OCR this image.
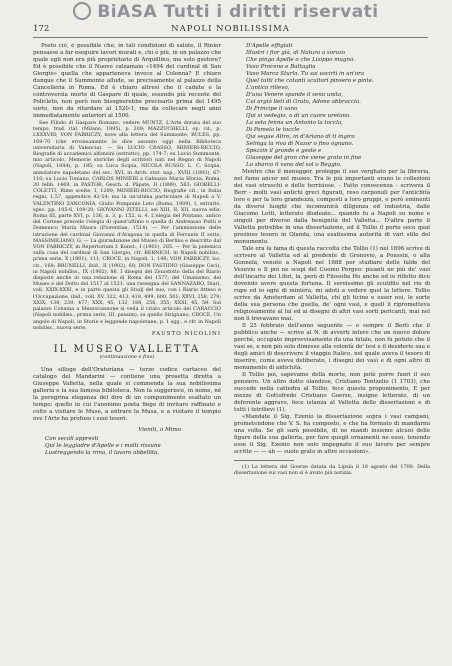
BiASA Tutti i diritti riservati
172	NAPOLI NOBILISSIMA

Posto ciò, è possibile che, in tali condizioni di salute, il Rinier pensasse a far eseguire lavori murali e, chi è più, in un palazzo che quale egli non era più proprietario di Arquillino, ma solo gestore? Ed è possibile che il Nuovo calzamaio «1494 del cardinal di San Giorgio» quella che apparteneva invece al Colonna? E chiaro dunque che il Summonte allude, se precisamente al palazzo della Cancelleria in Roma. Ed è chiaro altresì che il cadute e la controversia morte di Gaspare di quale, essendo più recente del Policleto, non però non bisognerebbe precisarlo prima del 1495 sorto, non da ritardare al 1520-1, ma da collocare negli anni immediatamente anteriori al 1500.

See Filodo di Gaspare Romano, vedere MUNTZ, L'Arte dorata del suo tempo, trad. ital. (Milano, 1895), p. 209; MAZZUCHELLI, op. cit., p. LXXXVIII; VON FABRICZY, nove alla lettera del Summonte, RULES, pp. 169-70 (che erroneamente lo dice assunto oggi nella Biblioteca universitaria di Valencia). — Su LUCIO CRASSO, MINIERI-RICCIO, Biografie di accademici alfonsini (estratto), pp. 174-7; su Lucio Summonte, mio articolo, Memorie storiche degli scrittori nati nel Regno di Napoli (Napoli, 1844), p. 185; su Luca Scipia, NICOLA RUSSO, L. C. Scipia, annotatore napoletano del sec. XVI, in Arch. stor. nap., XVIII (1893), 67-110; su Lucio Toniano, CARLOS MINIERI a Galeazzo Maria Sforza, Roma, 20 febb. 1469, in PASTOR, Gesch. d. Päpste, II (1889), 563; GIOBELLI-COLETTI, Rime scelte, I, 1290; MINIERI-RICCIO, Biografie cit., in Italia regni, 1,57, appendice 42-54; ma in un'ultima particolare di Napoli a V. VALENTINO ZANCONIA, Giulio Pomponio Leto (Roma, 1909), I, estratto, spec. pp. 105-6, 109-20; GIOVANNI ZITELLI, sei XIII, II, XII, nuova ediz. Roma III, parte XVI, p. 136, n. 3, p. 152, n. 4. L'elegia del Pontano, antico del Cortese precede l'elegia di quest'ultimo e quella di Andreasso Politi e Domenico Maria Maura (Florentiae, 1514). — Per l'ammissione delle istruzione del cardinal Giovanni d'Aragona in quella di Ferrante II sotto, MASSIMILIANO, G. — La giurisdizione del Museo di Berlino e descritto dal VON FABRICZY, in Repertorium f. Kunst., I (1901), 285. — Per la polemica sulla cosa del cardinal di San Giorgio, cfr. BERNICH, in Napoli nobiliss., prima serie, X (1901), 111; CROCE, in Napoli, 1, 146; VON FABRICZY, loc. cit., 168; BRUNELLI, ibid., II (1902), 60; DON FASTIDIO (Giuseppe Ceci), in Napoli nobiliss., IX (1902), 88. I disegni del Zenodotto della del Riario disposte anche in una relazione di Roma del 1577; del Umanismo, del Museo e del Dotto del 1517 al 1521: una rassegna del SANNAZARO, Diari, voll. XXIX-XXXI, e in parte questa gli Studj del suo, con i Riario Atteso e l'Occupazione, ibid., voll. XV, 322, 413, 418, 499, 600, 501; XXVI, 258, 279; XXIX, 138, 239, 477; XXX, 45, 132, 188, 256, 355; XXXI, 45, 59. Sul palazzo Colonna a Mezzocannone si veda il citato articolo del CARACCIO (Napoli nobiliss., prima serie, III, passim), su quello Sirignano, CROCE, Un angolo di Napoli, in Storie e leggende napoletane, p. 1 sgg., e cfr. in Napoli nobiliss., nuova serie.

FAUSTO NICOLINI

IL MUSEO VALLETTA
(continuazione e fine)

Una silloge dell'Oratoriana — terzo codice cartaceo del catalogo del Mandarini — contiene una prosetta diretta a Giuseppe Valletta, nella quale si commenda la sua nobilissima galleria e la sua famosa biblioteca. Non la suggerisce, in nome, né la peregrina eleganza del dire di un componimento esaltato un tempo: quello in cui l'anonimo poeta finge di invitare raffinato e colto a visitare le Muse, a entrare la Musa, e a visitare il tempio ove l'Arte ha profuso i suoi tesori.

Vieniti, o Mimo
Con secoli appresti
Qui le leggiadre d'Apelle e i molti rissune
Lustreggendo la rima, il lavoro abbellita,
D'Apelle effigiati
Illustri i fior già, di Natura a sorozo
Che pingo Apelle o che Lisippo mugna.
Vaso Proceno e Battaglia
Vaso Marco Sturla. Tu sai uscirti in un'ora
Quel tutti che cotanti scultori pinsero e pinte.
L'antico rilievo,
D'una Venere spande il seno unito,
Cui argiò lieti di Grato, Adone abbraccia.
Di Principe il vano
Qui si vedegio, o di un cuore uretano.
La seta fenna un Antonio la toccla,
Di Pamela le toccle
Qui segue Altro, in d'Ariano di ti ingiro
Selmga la riva di Nazor o fino ognuno.
Spezzin il grande e geste e
Giuseppe del gran che viene grato in fine
Lo sbarco il vano del sol o Reggio.

Mentre che il menugger, prolegge il suo verghato per la libreria, nel fumo ancor nel museo. Tra le più importanti erano le collezioni dei vasi etruschi e delle terrisiose. - Fatto conoscenza - scriveva il Berr - molti vasi antichi greci figurati, reso carponuli per l'antichità loro e per la loro grandezza, composti a loro gruppi, e però eminenti da diversi luoghi che incomunicà diligenza ed industria, dalle Giacomo Lotti, letterato diodeato... quando fu a Napoli su nome e singoli per diverse dalla benignità del Valletta... D'altra parte il Valletta potrebbe in una dissertazione, ed il Tollio il porto seco qual prezioso tesoro in Olanda, una esatissima autorità di vari stile del monumento.

Tale era la fama di questa raccolta che Tollio (1) nel 1696 scrive di scrivere al Valletta ed al predente di Gronovio, a Poussin, o alla Gonnela, venuto a Napoli nel 1688 per studiare delle falde del Vesuvio e Il poi ne scopi del Cuomo Pergeo: pisanti ne più de' vasi dell'incarto dei Libri, la, però di Filosofia Ho anche ed io rifletto dico dovendo avere questa fortuna. Il sereissimo gli scutifilo nel rio di rupe ed io ogni di miniera, mi adoti a vedere quel la lettere. Tollio scrive da Amsterdam al Valletta, chi gli ticino e esser noi, le sorte della sua persona che guella, de' ogni vasi, e quell il riprometteva religiosamente al lui ed ai disegni di altri vasi sorti pericanti, mai nel non li trovavano mai.

Il 25 febbraio dell'anno seguente — e sempre il Berti che il pubblico anche — scrive al N. di avverti intere che un nuovo dolore perché, occupato improvvisamente da una fatale, non fu potuto che il vasi se, e non più solo dimesse alla volontà de' tesi e il desiderio sua e degli amici di descrivere il viaggio Italico, nel quale aveva il tesoro di inserire, come aveva deliberato, i disegni dei vasi e di ogni altro di monumento di antichità.

Il Tollio poi, sapevamo della morte, non potè porre fuori il suo pensiero. Un altro dotto olandese, Cristiano Tentzelio (1 1703), che succede nella cattedra al Tollio, fece questo proponimento, E per mezzo di Gottofredo Cristiano Goerze, insigne letterato, di un deferente aggravo, fece istanza al Valletta delle dissertazioni e di tutti i tetrilievi (1).

«Mandate il Sig. Ezenio la dissertazione sopra i vasi campani, prometendone che V. S. ha composto, e che ha formato di mandarmi una volta. Se gli sarà possibile, di ne mandi insieme alcuni delle figure della sua galleria, per fare quegli ornamenti ne esso, tenendo esse il Sig. Ezenio non solo impegnato il suo lavoro per sempre scritte — — ab — suole grato in altre occasioni».

(1) La lettera del Goerze datata da Lipsia il 18 agosto del 1700. Della dissertazione sui vasi non si è avuto più notizia.
